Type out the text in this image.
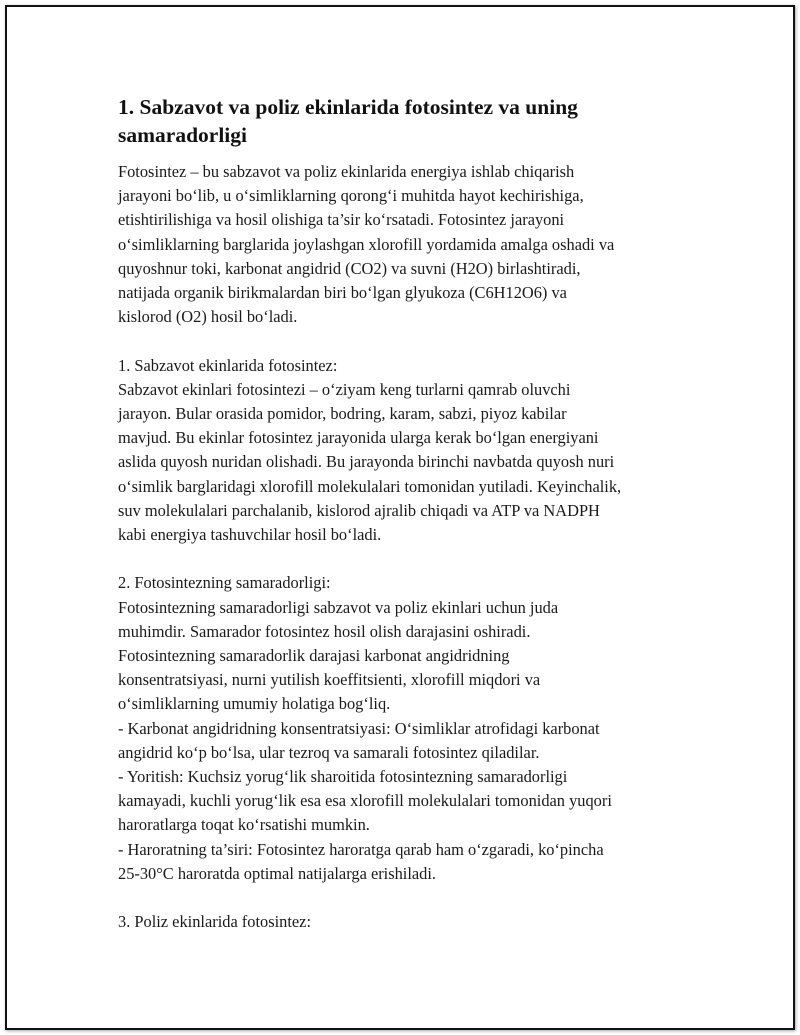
1. Sabzavot va poliz ekinlarida fotosintez va uning samaradorligi

Fotosintez – bu sabzavot va poliz ekinlarida energiya ishlab chiqarish
jarayoni bo‘lib, u o‘simliklarning qorong‘i muhitda hayot kechirishiga,
etishtirilishiga va hosil olishiga ta’sir ko‘rsatadi. Fotosintez jarayoni
o‘simliklarning barglarida joylashgan xlorofill yordamida amalga oshadi va
quyoshnur toki, karbonat angidrid (CO2) va suvni (H2O) birlashtiradi,
natijada organik birikmalardan biri bo‘lgan glyukoza (C6H12O6) va
kislorod (O2) hosil bo‘ladi.

1. Sabzavot ekinlarida fotosintez:

Sabzavot ekinlari fotosintezi – o‘ziyam keng turlarni qamrab oluvchi
jarayon. Bular orasida pomidor, bodring, karam, sabzi, piyoz kabilar
mavjud. Bu ekinlar fotosintez jarayonida ularga kerak bo‘lgan energiyani
aslida quyosh nuridan olishadi. Bu jarayonda birinchi navbatda quyosh nuri
o‘simlik barglaridagi xlorofill molekulalari tomonidan yutiladi. Keyinchalik,
suv molekulalari parchalanib, kislorod ajralib chiqadi va ATP va NADPH
kabi energiya tashuvchilar hosil bo‘ladi.

2. Fotosintezning samaradorligi:

Fotosintezning samaradorligi sabzavot va poliz ekinlari uchun juda
muhimdir. Samarador fotosintez hosil olish darajasini oshiradi.
Fotosintezning samaradorlik darajasi karbonat angidridning
konsentratsiyasi, nurni yutilish koeffitsienti, xlorofill miqdori va
o‘simliklarning umumiy holatiga bog‘liq.

- Karbonat angidridning konsentratsiyasi: O‘simliklar atrofidagi karbonat
angidrid ko‘p bo‘lsa, ular tezroq va samarali fotosintez qiladilar.

- Yoritish: Kuchsiz yorug‘lik sharoitida fotosintezning samaradorligi
kamayadi, kuchli yorug‘lik esa esa xlorofill molekulalari tomonidan yuqori
haroratlarga toqat ko‘rsatishi mumkin.

- Haroratning ta’siri: Fotosintez haroratga qarab ham o‘zgaradi, ko‘pincha
25-30°C haroratda optimal natijalarga erishiladi.

3. Poliz ekinlarida fotosintez:
